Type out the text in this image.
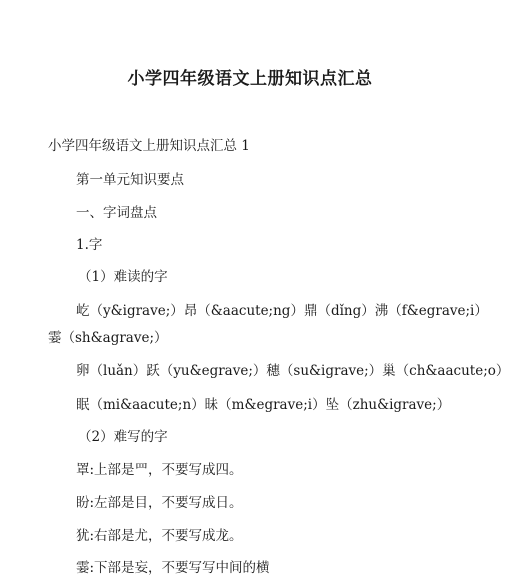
小学四年级语文上册知识点汇总
小学四年级语文上册知识点汇总 1
第一单元知识要点
一、字词盘点
1.字
（1）难读的字
屹（y&igrave;）昂（&aacute;ng）鼎（dǐng）沸（f&egrave;i）
霎（sh&agrave;）
卵（luǎn）跃（yu&egrave;）穗（su&igrave;）巢（ch&aacute;o）
眠（mi&aacute;n）昧（m&egrave;i）坠（zhu&igrave;）
（2）难写的字
罩:上部是罒，不要写成四。
盼:左部是目，不要写成日。
犹:右部是尤，不要写成龙。
霎:下部是妄，不要写写中间的横
